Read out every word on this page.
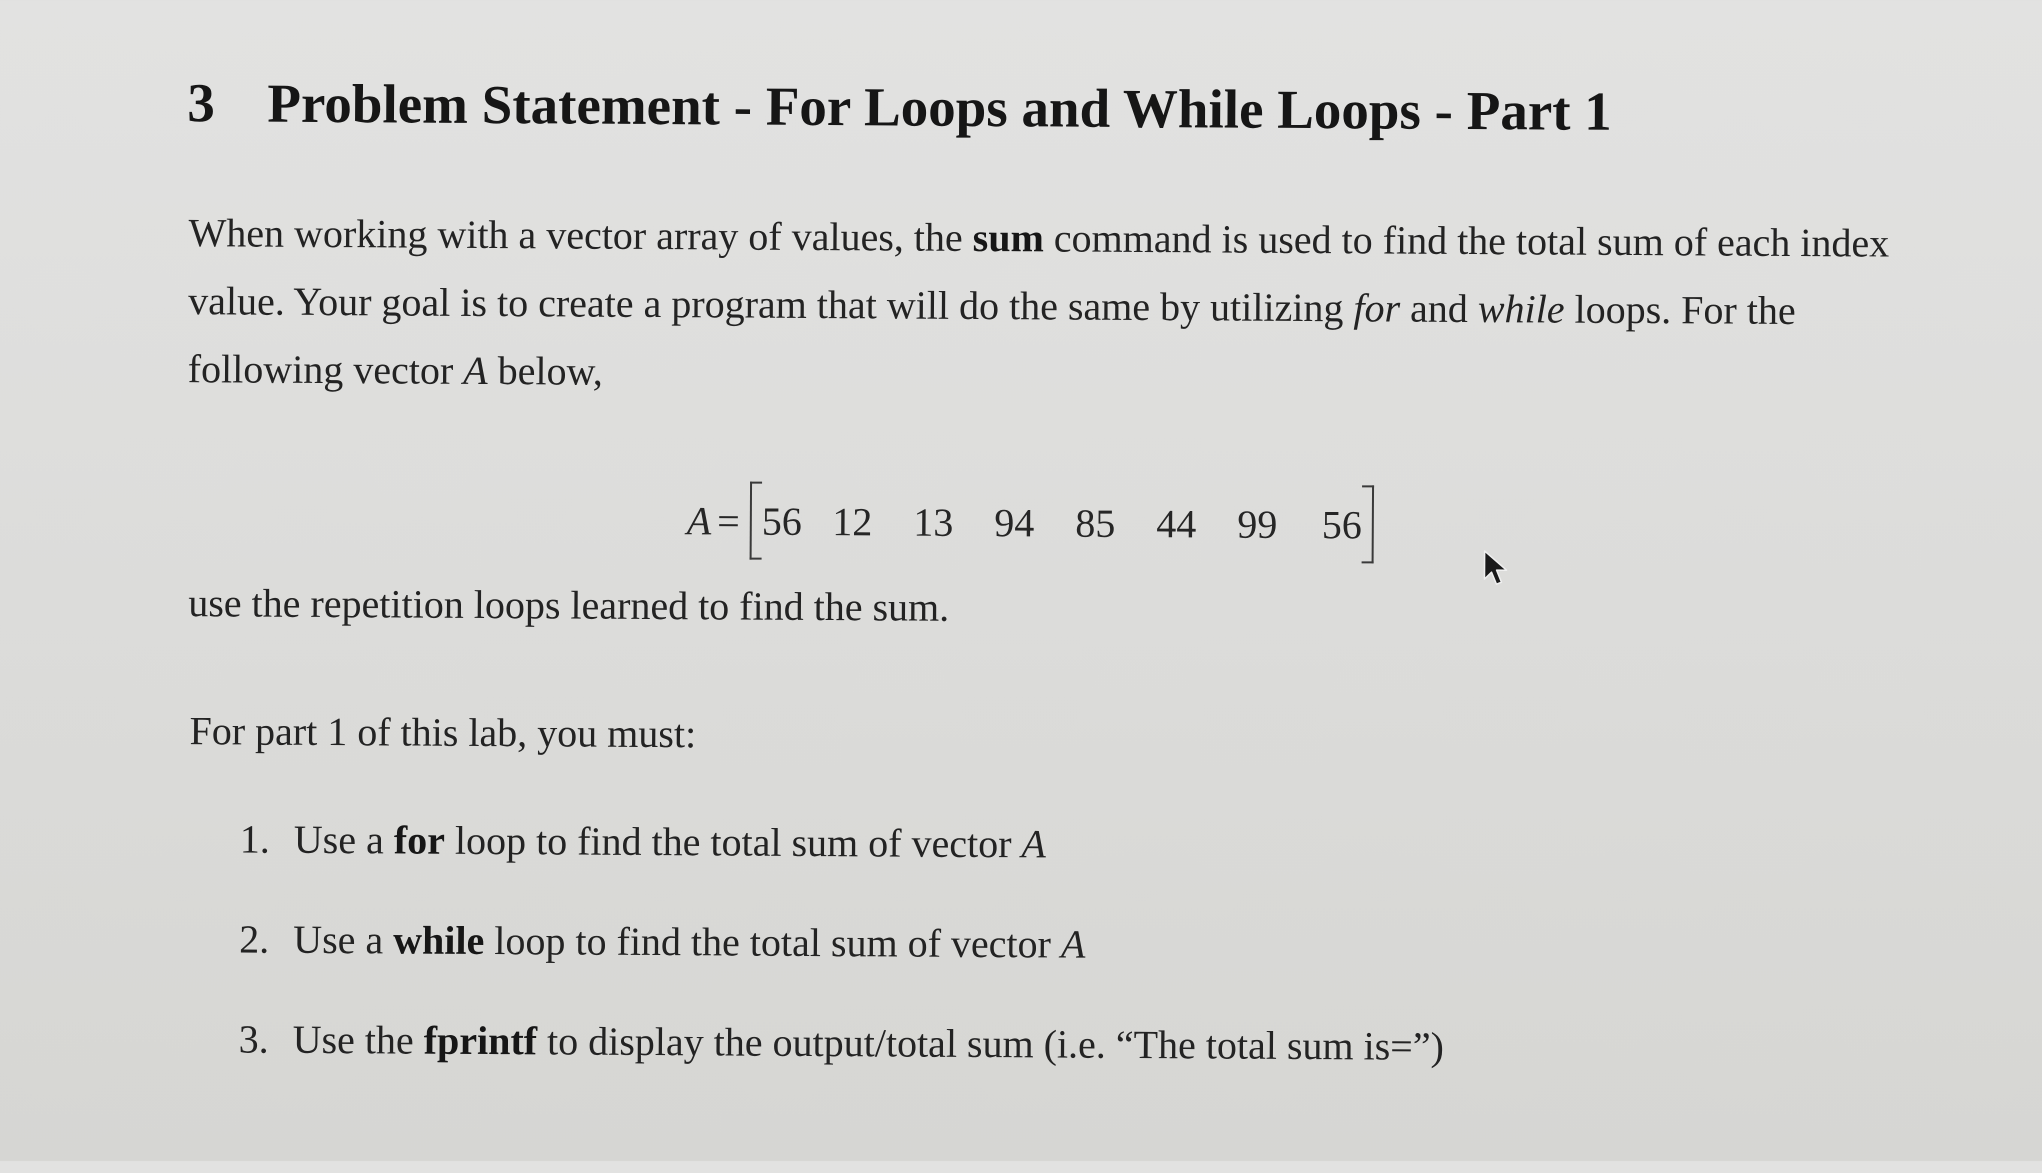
3 Problem Statement - For Loops and While Loops - Part 1
When working with a vector array of values, the sum command is used to find the total sum of each index
value. Your goal is to create a program that will do the same by utilizing for and while loops. For the
following vector A below,
A = 56 12	13	94	85	44	99	56
use the repetition loops learned to find the sum.
For part 1 of this lab, you must:
1. Use a for loop to find the total sum of vector A
2. Use a while loop to find the total sum of vector A
3. Use the fprintf to display the output/total sum (i.e. “The total sum is=”)
